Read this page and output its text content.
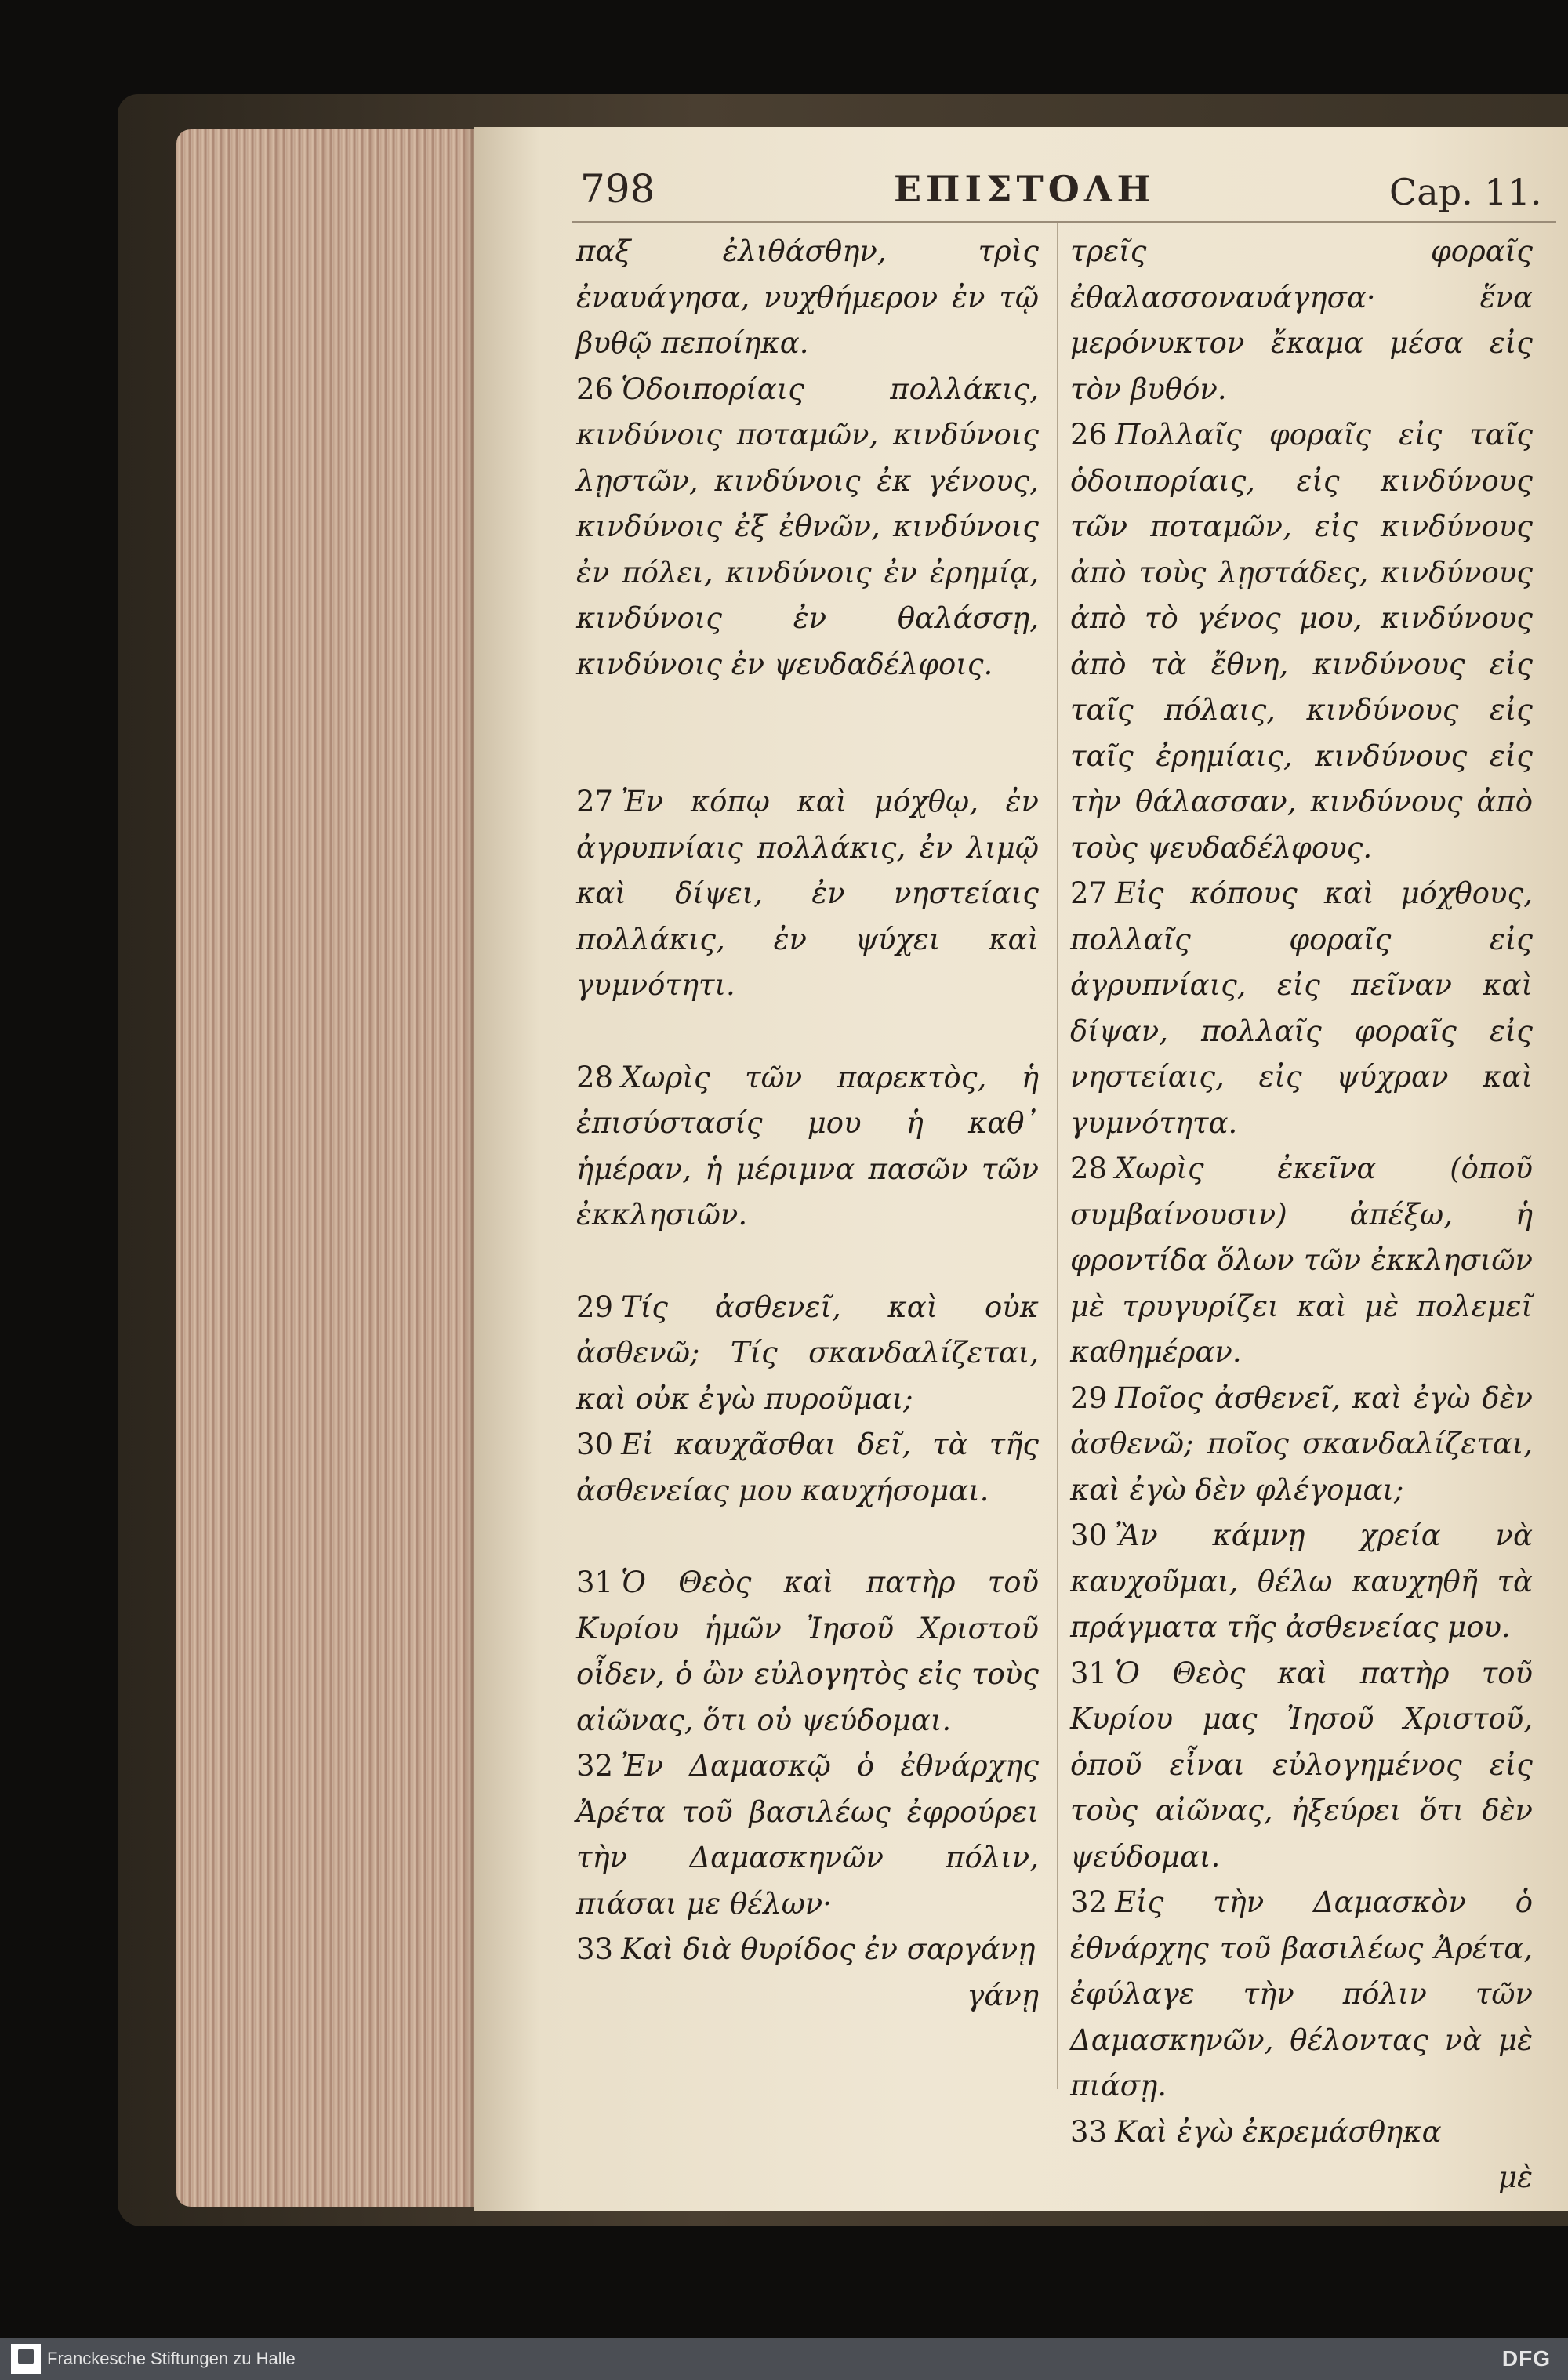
798	ΕΠΙΣΤΟΛΗ	Cap. 11.

παξ ἐλιθάσθην, τρὶς ἐναυάγησα, νυχθήμερον ἐν τῷ βυθῷ πεποίηκα.

26 Ὁδοιπορίαις πολλάκις, κινδύνοις ποταμῶν, κινδύνοις λῃστῶν, κινδύνοις ἐκ γένους, κινδύνοις ἐξ ἐθνῶν, κινδύνοις ἐν πόλει, κινδύνοις ἐν ἐρημίᾳ, κινδύνοις ἐν θαλάσσῃ, κινδύνοις ἐν ψευδαδέλφοις.

27 Ἐν κόπῳ καὶ μόχθῳ, ἐν ἀγρυπνίαις πολλάκις, ἐν λιμῷ καὶ δίψει, ἐν νηστείαις πολλάκις, ἐν ψύχει καὶ γυμνότητι.

28 Χωρὶς τῶν παρεκτὸς, ἡ ἐπισύστασίς μου ἡ καθ᾽ ἡμέραν, ἡ μέριμνα πασῶν τῶν ἐκκλησιῶν.

29 Τίς ἀσθενεῖ, καὶ οὐκ ἀσθενῶ; Τίς σκανδαλίζεται, καὶ οὐκ ἐγὼ πυροῦμαι;

30 Εἰ καυχᾶσθαι δεῖ, τὰ τῆς ἀσθενείας μου καυχήσομαι.

31 Ὁ Θεὸς καὶ πατὴρ τοῦ Κυρίου ἡμῶν Ἰησοῦ Χριστοῦ οἶδεν, ὁ ὢν εὐλογητὸς εἰς τοὺς αἰῶνας, ὅτι οὐ ψεύδομαι.

32 Ἐν Δαμασκῷ ὁ ἐθνάρχης Ἀρέτα τοῦ βασιλέως ἐφρούρει τὴν Δαμασκηνῶν πόλιν, πιάσαι με θέλων·

33 Καὶ διὰ θυρίδος ἐν σαργάνῃ

γάνῃ

τρεῖς φοραῖς ἐθαλασσοναυάγησα· ἕνα μερόνυκτον ἔκαμα μέσα εἰς τὸν βυθόν.

26 Πολλαῖς φοραῖς εἰς ταῖς ὁδοιπορίαις, εἰς κινδύνους τῶν ποταμῶν, εἰς κινδύνους ἀπὸ τοὺς λῃστάδες, κινδύνους ἀπὸ τὸ γένος μου, κινδύνους ἀπὸ τὰ ἔθνη, κινδύνους εἰς ταῖς πόλαις, κινδύνους εἰς ταῖς ἐρημίαις, κινδύνους εἰς τὴν θάλασσαν, κινδύνους ἀπὸ τοὺς ψευδαδέλφους.

27 Εἰς κόπους καὶ μόχθους, πολλαῖς φοραῖς εἰς ἀγρυπνίαις, εἰς πεῖναν καὶ δίψαν, πολλαῖς φοραῖς εἰς νηστείαις, εἰς ψύχραν καὶ γυμνότητα.

28 Χωρὶς ἐκεῖνα (ὁποῦ συμβαίνουσιν) ἀπέξω, ἡ φροντίδα ὅλων τῶν ἐκκλησιῶν μὲ τρυγυρίζει καὶ μὲ πολεμεῖ καθημέραν.

29 Ποῖος ἀσθενεῖ, καὶ ἐγὼ δὲν ἀσθενῶ; ποῖος σκανδαλίζεται, καὶ ἐγὼ δὲν φλέγομαι;

30 Ἂν κάμνῃ χρεία νὰ καυχοῦμαι, θέλω καυχηθῆ τὰ πράγματα τῆς ἀσθενείας μου.

31 Ὁ Θεὸς καὶ πατὴρ τοῦ Κυρίου μας Ἰησοῦ Χριστοῦ, ὁποῦ εἶναι εὐλογημένος εἰς τοὺς αἰῶνας, ἠξεύρει ὅτι δὲν ψεύδομαι.

32 Εἰς τὴν Δαμασκὸν ὁ ἐθνάρχης τοῦ βασιλέως Ἀρέτα, ἐφύλαγε τὴν πόλιν τῶν Δαμασκηνῶν, θέλοντας νὰ μὲ πιάσῃ.

33 Καὶ ἐγὼ ἐκρεμάσθηκα

μὲ

Franckesche Stiftungen zu Halle	DFG
